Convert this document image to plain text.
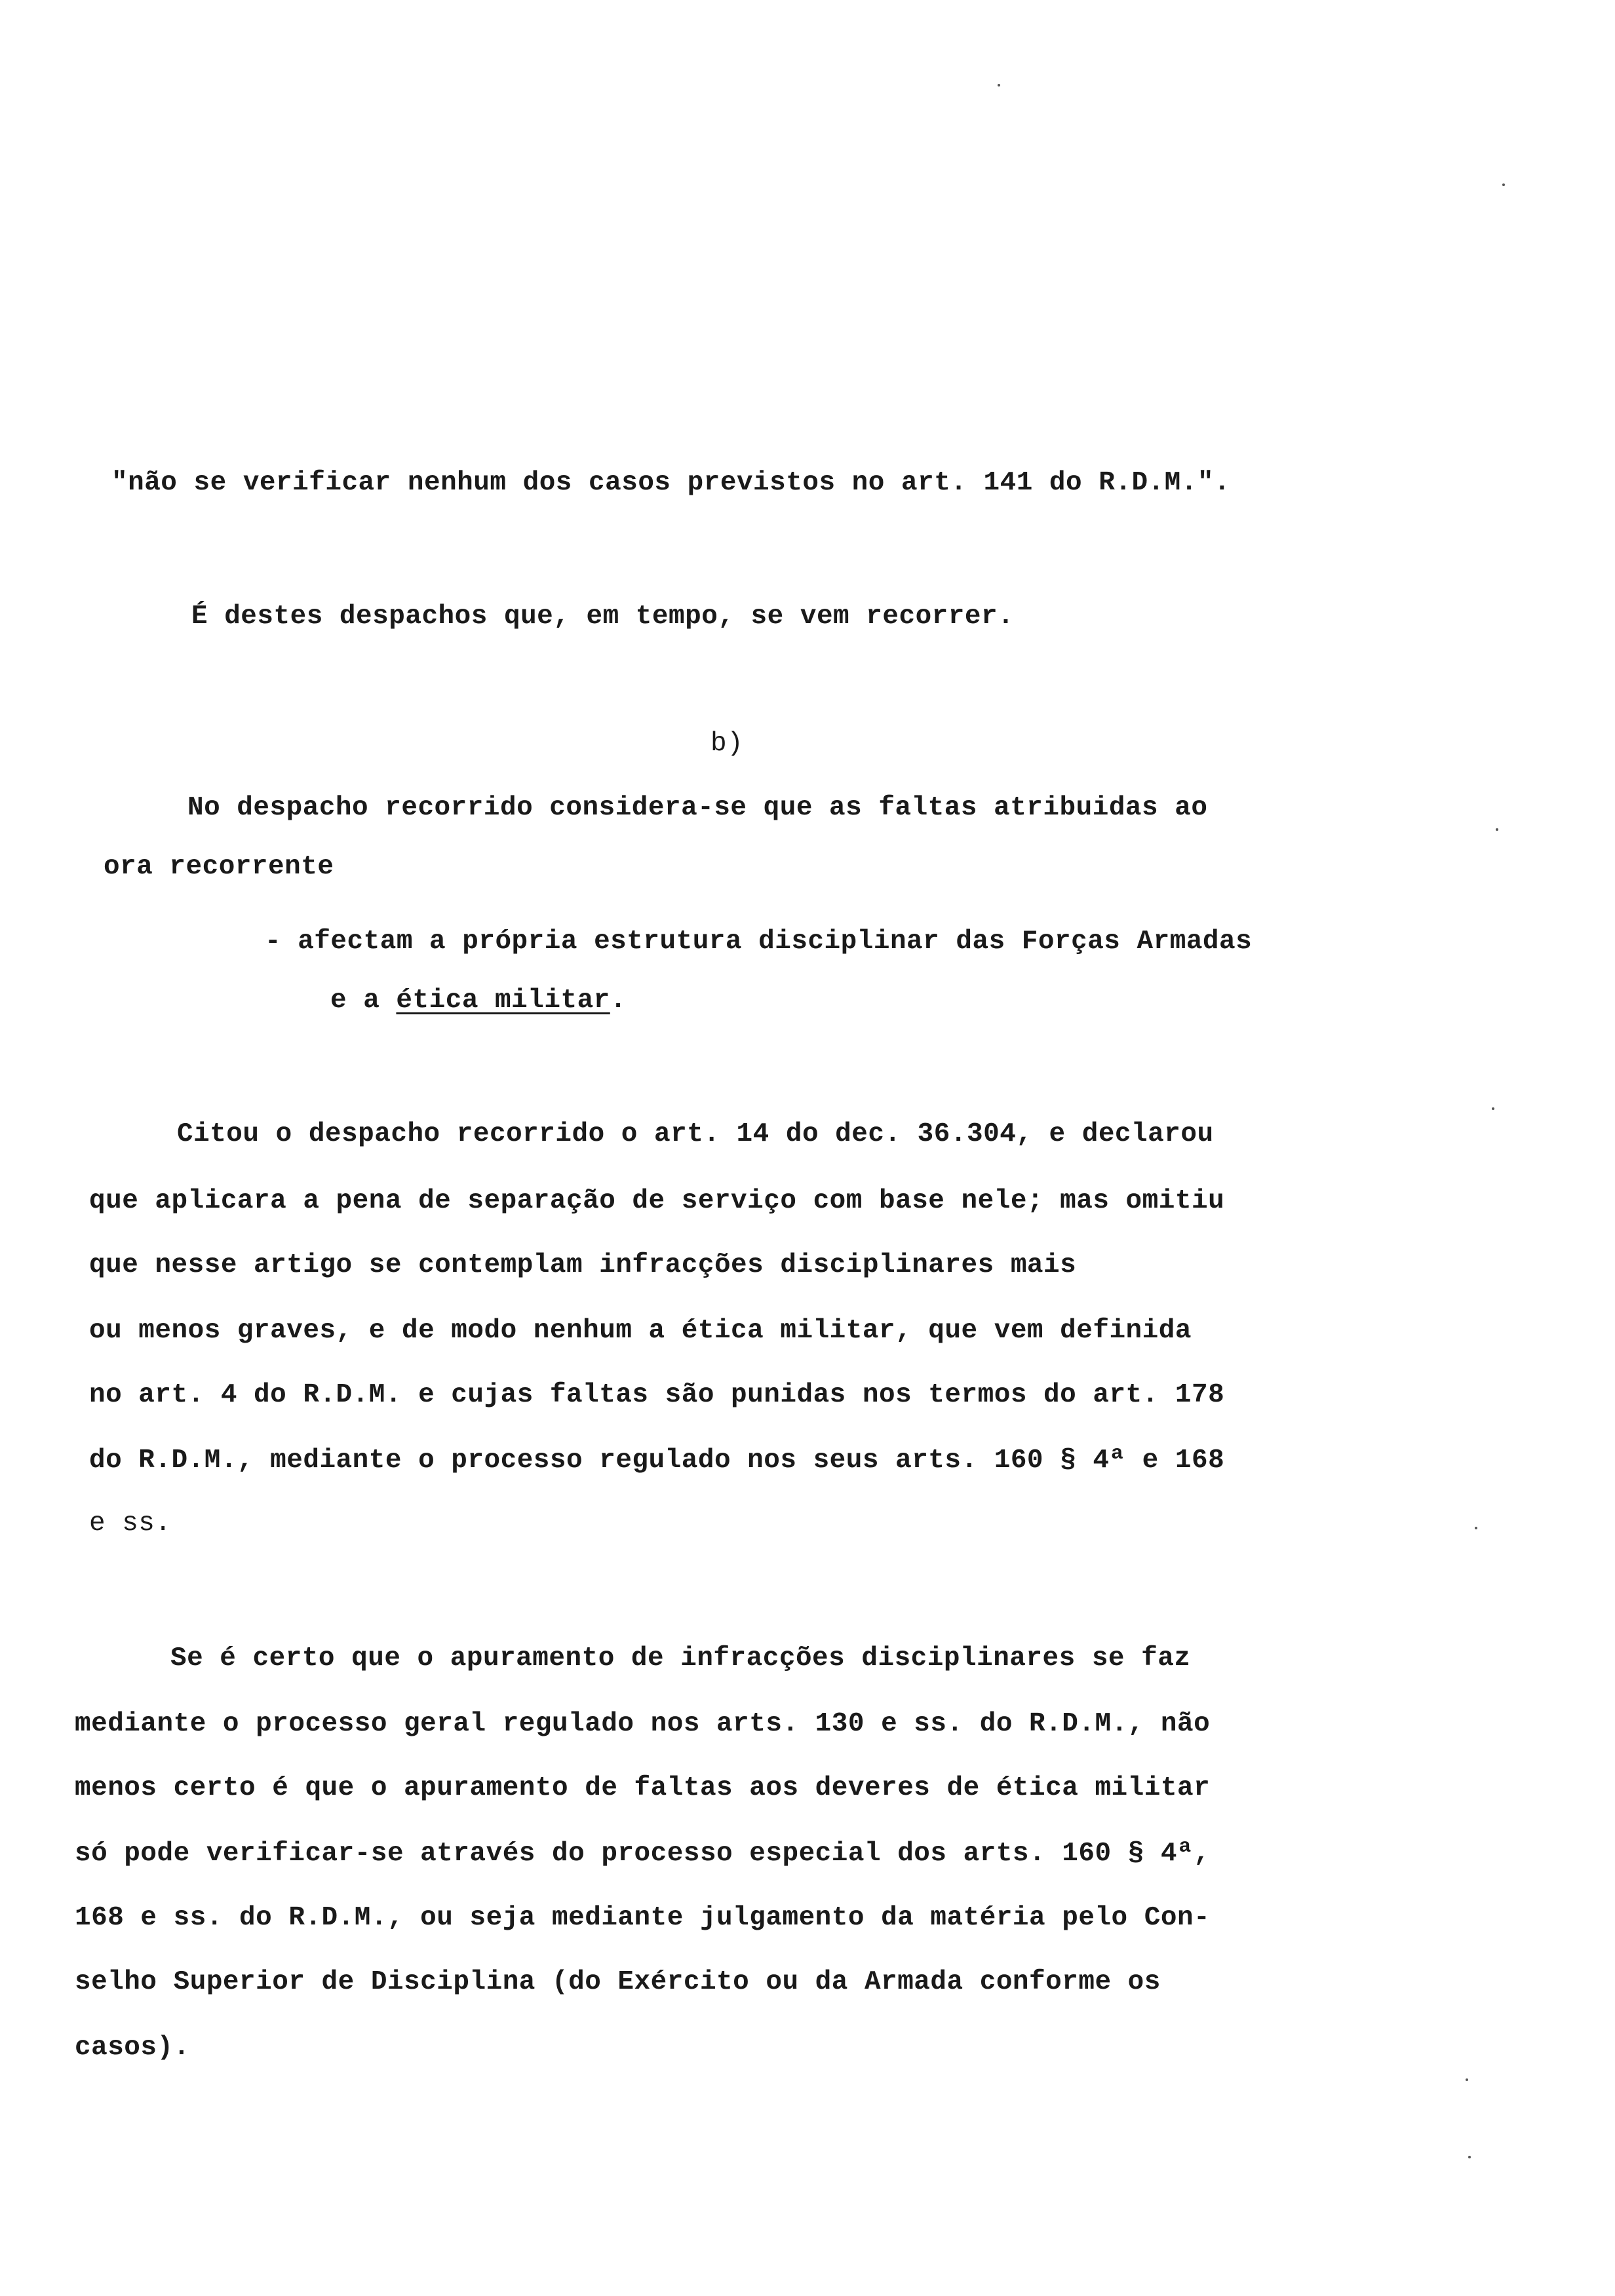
"não se verificar nenhum dos casos previstos no art. 141 do R.D.M.".
É destes despachos que, em tempo, se vem recorrer.
b)
No despacho recorrido considera-se que as faltas atribuidas ao
ora recorrente
- afectam a própria estrutura disciplinar das Forças Armadas
e a ética militar.
Citou o despacho recorrido o art. 14 do dec. 36.304, e declarou
que aplicara a pena de separação de serviço com base nele; mas omitiu
que nesse artigo se contemplam infracções disciplinares mais
ou menos graves, e de modo nenhum a ética militar, que vem definida
no art. 4 do R.D.M. e cujas faltas são punidas nos termos do art. 178
do R.D.M., mediante o processo regulado nos seus arts. 160 § 4ª e 168
e ss.
Se é certo que o apuramento de infracções disciplinares se faz
mediante o processo geral regulado nos arts. 130 e ss. do R.D.M., não
menos certo é que o apuramento de faltas aos deveres de ética militar
só pode verificar-se através do processo especial dos arts. 160 § 4ª,
168 e ss. do R.D.M., ou seja mediante julgamento da matéria pelo Con-
selho Superior de Disciplina (do Exército ou da Armada conforme os
casos).
